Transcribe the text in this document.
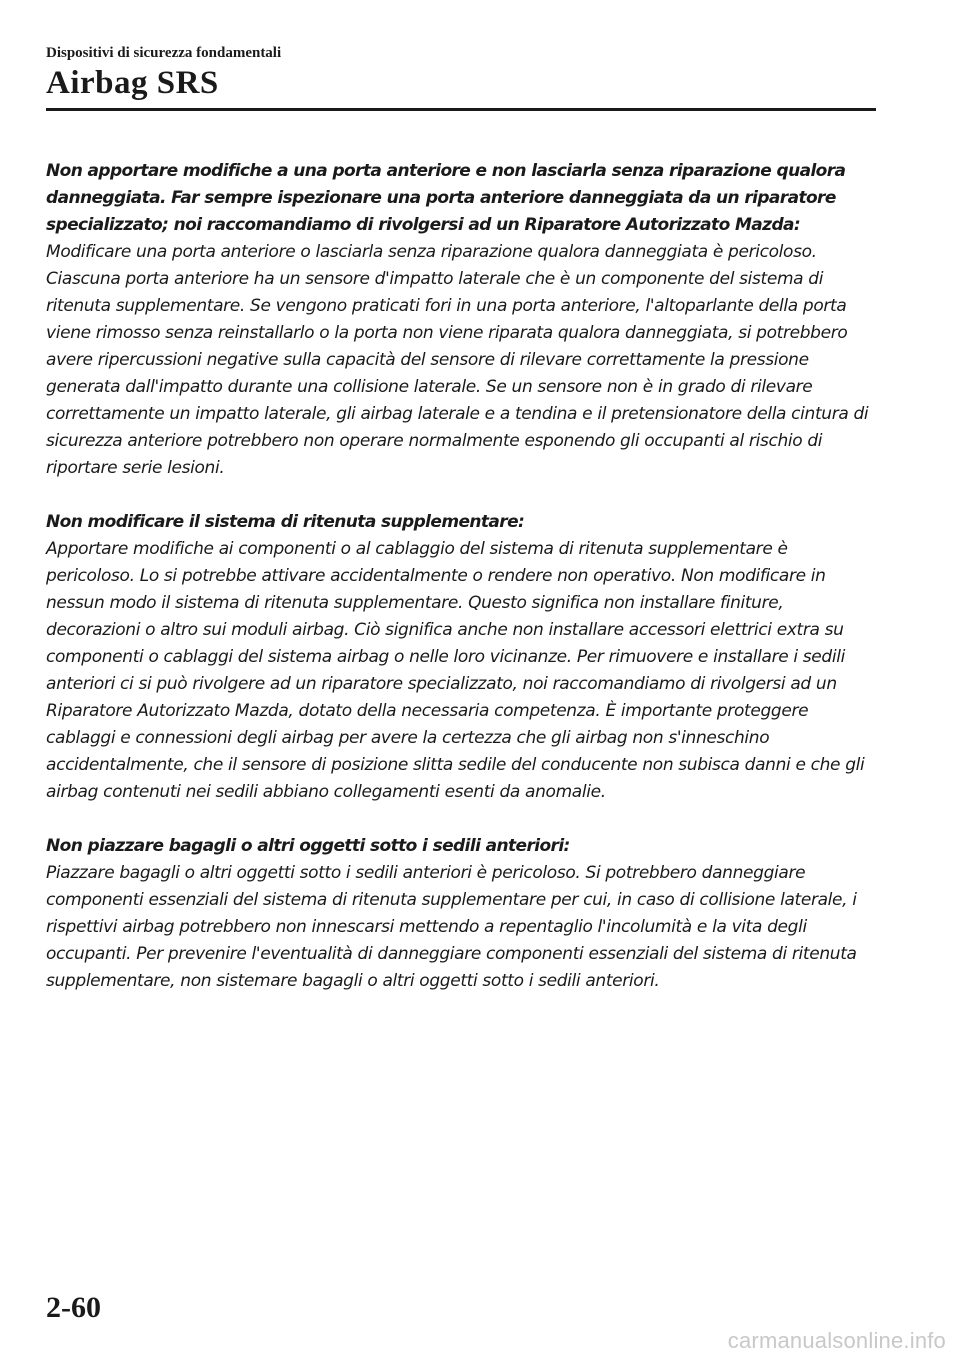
Dispositivi di sicurezza fondamentali
Airbag SRS

Non apportare modifiche a una porta anteriore e non lasciarla senza riparazione qualora danneggiata. Far sempre ispezionare una porta anteriore danneggiata da un riparatore specializzato; noi raccomandiamo di rivolgersi ad un Riparatore Autorizzato Mazda:
Modificare una porta anteriore o lasciarla senza riparazione qualora danneggiata è pericoloso. Ciascuna porta anteriore ha un sensore d'impatto laterale che è un componente del sistema di ritenuta supplementare. Se vengono praticati fori in una porta anteriore, l'altoparlante della porta viene rimosso senza reinstallarlo o la porta non viene riparata qualora danneggiata, si potrebbero avere ripercussioni negative sulla capacità del sensore di rilevare correttamente la pressione generata dall'impatto durante una collisione laterale. Se un sensore non è in grado di rilevare correttamente un impatto laterale, gli airbag laterale e a tendina e il pretensionatore della cintura di sicurezza anteriore potrebbero non operare normalmente esponendo gli occupanti al rischio di riportare serie lesioni.

Non modificare il sistema di ritenuta supplementare:
Apportare modifiche ai componenti o al cablaggio del sistema di ritenuta supplementare è pericoloso. Lo si potrebbe attivare accidentalmente o rendere non operativo. Non modificare in nessun modo il sistema di ritenuta supplementare. Questo significa non installare finiture, decorazioni o altro sui moduli airbag. Ciò significa anche non installare accessori elettrici extra su componenti o cablaggi del sistema airbag o nelle loro vicinanze. Per rimuovere e installare i sedili anteriori ci si può rivolgere ad un riparatore specializzato, noi raccomandiamo di rivolgersi ad un Riparatore Autorizzato Mazda, dotato della necessaria competenza. È importante proteggere cablaggi e connessioni degli airbag per avere la certezza che gli airbag non s'inneschino accidentalmente, che il sensore di posizione slitta sedile del conducente non subisca danni e che gli airbag contenuti nei sedili abbiano collegamenti esenti da anomalie.

Non piazzare bagagli o altri oggetti sotto i sedili anteriori:
Piazzare bagagli o altri oggetti sotto i sedili anteriori è pericoloso. Si potrebbero danneggiare componenti essenziali del sistema di ritenuta supplementare per cui, in caso di collisione laterale, i rispettivi airbag potrebbero non innescarsi mettendo a repentaglio l'incolumità e la vita degli occupanti. Per prevenire l'eventualità di danneggiare componenti essenziali del sistema di ritenuta supplementare, non sistemare bagagli o altri oggetti sotto i sedili anteriori.

2-60
carmanualsonline.info
